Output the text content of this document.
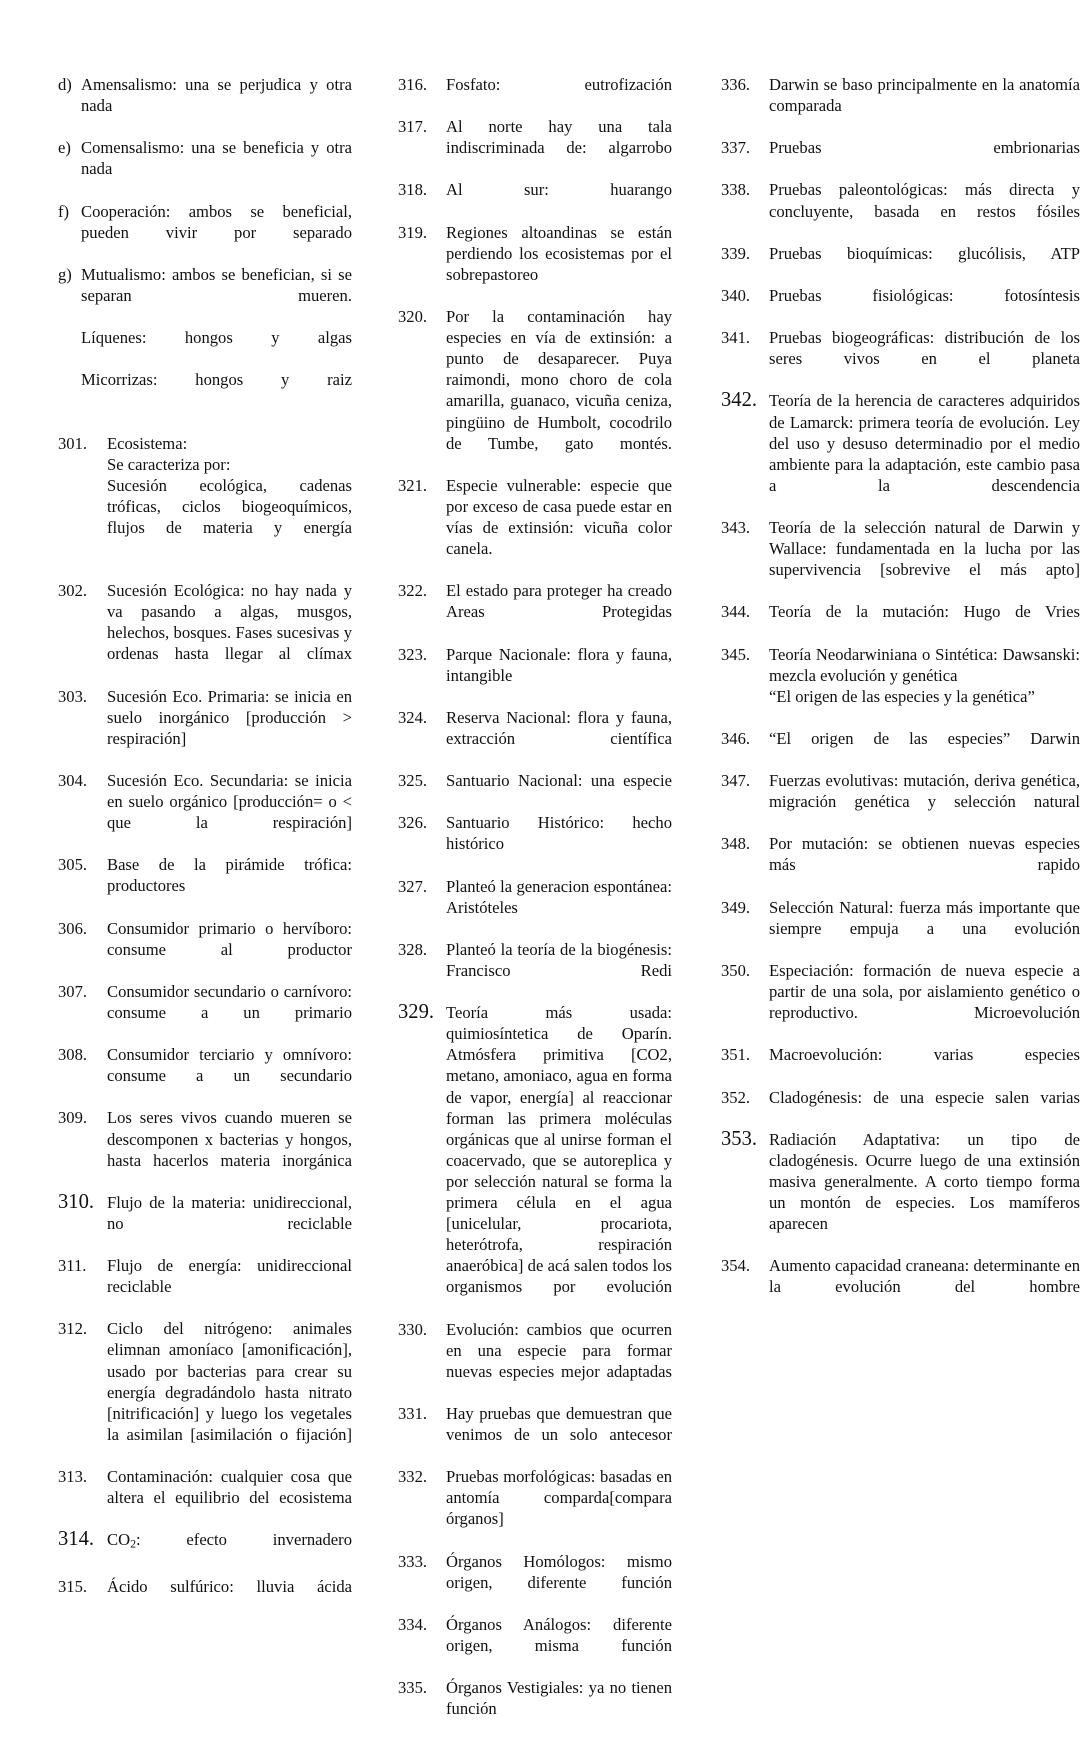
d) Amensalismo: una se perjudica y otra nada
e) Comensalismo: una se beneficia y otra nada
f) Cooperación: ambos se beneficial, pueden vivir por separado
g) Mutualismo: ambos se benefician, si se separan mueren.
Líquenes: hongos y algas
Micorrizas: hongos y raiz
301.	Ecosistema:
Se caracteriza por:
Sucesión ecológica, cadenas tróficas, ciclos biogeoquímicos, flujos de materia y energía
302.	Sucesión Ecológica: no hay nada y va pasando a algas, musgos, helechos, bosques. Fases sucesivas y ordenas hasta llegar al clímax
303.	Sucesión Eco. Primaria: se inicia en suelo inorgánico [producción > respiración]
304.	Sucesión Eco. Secundaria: se inicia en suelo orgánico [producción= o < que la respiración]
305.	Base de la pirámide trófica: productores
306.	Consumidor primario o hervíboro: consume al productor
307.	Consumidor secundario o carnívoro: consume a un primario
308.	Consumidor terciario y omnívoro: consume a un secundario
309.	Los seres vivos cuando mueren se descomponen x bacterias y hongos, hasta hacerlos materia inorgánica
310. Flujo de la materia: unidireccional, no reciclable
311.	Flujo de energía: unidireccional reciclable
312.	Ciclo del nitrógeno: animales elimnan amoníaco [amonificación], usado por bacterias para crear su energía degradándolo hasta nitrato [nitrificación] y luego los vegetales la asimilan [asimilación o fijación]
313.	Contaminación: cualquier cosa que altera el equilibrio del ecosistema
314. $CO_2$: efecto invernadero
315.	Ácido sulfúrico: lluvia ácida
316.	Fosfato: eutrofización
317.	Al norte hay una tala indiscriminada de: algarrobo
318.	Al sur: huarango
319.	Regiones altoandinas se están perdiendo los ecosistemas por el sobrepastoreo
320.	Por la contaminación hay especies en vía de extinsión: a punto de desaparecer. Puya raimondi, mono choro de cola amarilla, guanaco, vicuña ceniza, pingüino de Humbolt, cocodrilo de Tumbe, gato montés.
321.	Especie vulnerable: especie que por exceso de casa puede estar en vías de extinsión: vicuña color canela.
322.	El estado para proteger ha creado Areas Protegidas
323.	Parque Nacionale: flora y fauna, intangible
324.	Reserva Nacional: flora y fauna, extracción científica
325.	Santuario Nacional: una especie
326.	Santuario Histórico: hecho histórico
327.	Planteó la generacion espontánea: Aristóteles
328.	Planteó la teoría de la biogénesis: Francisco Redi
329. Teoría más usada: quimiosíntetica de Oparín. Atmósfera primitiva [CO2, metano, amoniaco, agua en forma de vapor, energía] al reaccionar forman las primera moléculas orgánicas que al unirse forman el coacervado, que se autoreplica y por selección natural se forma la primera célula en el agua [unicelular, procariota, heterótrofa, respiración anaeróbica] de acá salen todos los organismos por evolución
330.	Evolución: cambios que ocurren en una especie para formar nuevas especies mejor adaptadas
331.	Hay pruebas que demuestran que venimos de un solo antecesor
332.	Pruebas morfológicas: basadas en antomía comparda[compara órganos]
333.	Órganos Homólogos: mismo origen, diferente función
334.	Órganos Análogos: diferente origen, misma función
335.	Órganos Vestigiales: ya no tienen función
336.	Darwin se baso principalmente en la anatomía comparada
337.	Pruebas embrionarias
338.	Pruebas paleontológicas: más directa y concluyente, basada en restos fósiles
339.	Pruebas bioquímicas: glucólisis, ATP
340.	Pruebas fisiológicas: fotosíntesis
341.	Pruebas biogeográficas: distribución de los seres vivos en el planeta
342. Teoría de la herencia de caracteres adquiridos de Lamarck: primera teoría de evolución. Ley del uso y desuso determinadio por el medio ambiente para la adaptación, este cambio pasa a la descendencia
343.	Teoría de la selección natural de Darwin y Wallace: fundamentada en la lucha por las supervivencia [sobrevive el más apto]
344.	Teoría de la mutación: Hugo de Vries
345.	Teoría Neodarwiniana o Sintética: Dawsanski: mezcla evolución y genética
“El origen de las especies y la genética”
346.	“El origen de las especies” Darwin
347.	Fuerzas evolutivas: mutación, deriva genética, migración genética y selección natural
348.	Por mutación: se obtienen nuevas especies más rapido
349.	Selección Natural: fuerza más importante que siempre empuja a una evolución
350.	Especiación: formación de nueva especie a partir de una sola, por aislamiento genético o reproductivo. Microevolución
351.	Macroevolución: varias especies
352.	Cladogénesis: de una especie salen varias
353. Radiación Adaptativa: un tipo de cladogénesis. Ocurre luego de una extinsión masiva generalmente. A corto tiempo forma un montón de especies. Los mamíferos aparecen
354.	Aumento capacidad craneana: determinante en la evolución del hombre
